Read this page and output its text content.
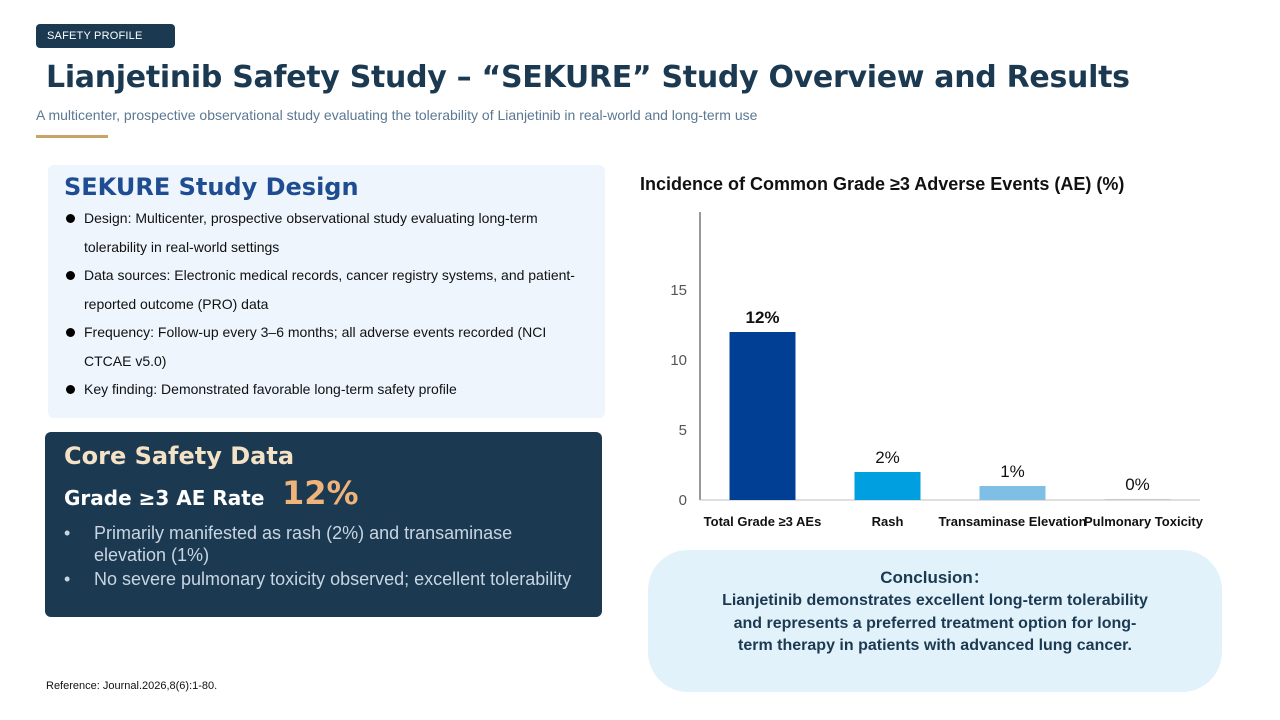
SAFETY PROFILE
Lianjetinib Safety Study – “SEKURE” Study Overview and Results
A multicenter, prospective observational study evaluating the tolerability of Lianjetinib in real-world and long-term use
SEKURE Study Design
Design: Multicenter, prospective observational study evaluating long-term tolerability in real-world settings
Data sources: Electronic medical records, cancer registry systems, and patient-reported outcome (PRO) data
Frequency: Follow-up every 3–6 months; all adverse events recorded (NCI CTCAE v5.0)
Key finding: Demonstrated favorable long-term safety profile
Core Safety Data
Grade ≥3 AE Rate 12%
• Primarily manifested as rash (2%) and transaminase elevation (1%)
• No severe pulmonary toxicity observed; excellent tolerability
Reference: Journal.2026,8(6):1-80.
Incidence of Common Grade ≥3 Adverse Events (AE) (%)
0
5
10
15
12%
Total Grade ≥3 AEs
2%
Rash
1%
Transaminase Elevation
0%
Pulmonary Toxicity
Conclusion：
Lianjetinib demonstrates excellent long-term tolerability and represents a preferred treatment option for long-term therapy in patients with advanced lung cancer.
